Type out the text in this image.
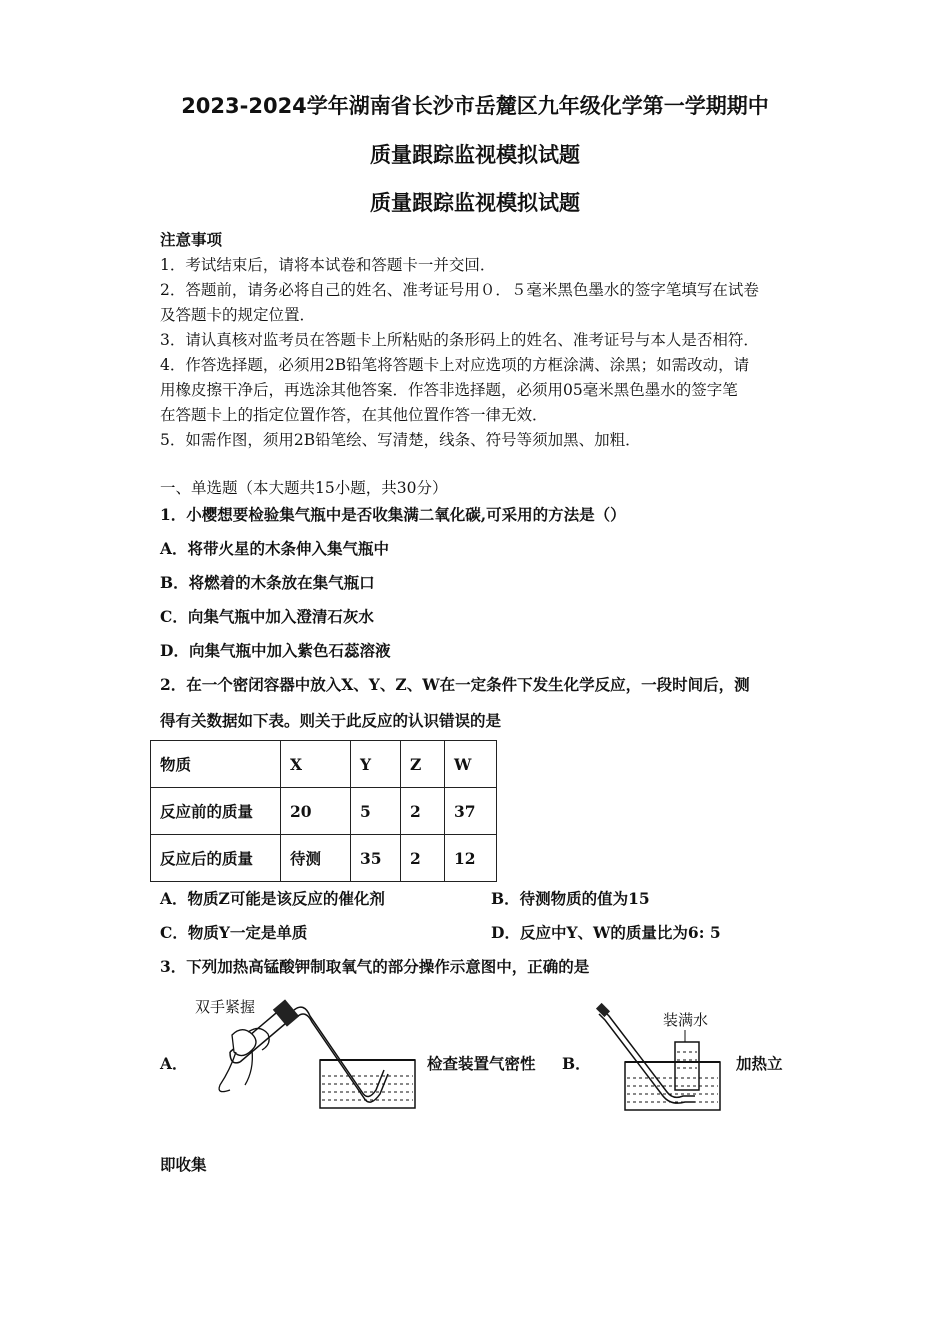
2023-2024学年湖南省长沙市岳麓区九年级化学第一学期期中
质量跟踪监视模拟试题
质量跟踪监视模拟试题
注意事项
1．考试结束后，请将本试卷和答题卡一并交回．
2．答题前，请务必将自己的姓名、准考证号用０．５毫米黑色墨水的签字笔填写在试卷
及答题卡的规定位置．
3．请认真核对监考员在答题卡上所粘贴的条形码上的姓名、准考证号与本人是否相符．
4．作答选择题，必须用2B铅笔将答题卡上对应选项的方框涂满、涂黑；如需改动，请
用橡皮擦干净后，再选涂其他答案．作答非选择题，必须用05毫米黑色墨水的签字笔
在答题卡上的指定位置作答，在其他位置作答一律无效．
5．如需作图，须用2B铅笔绘、写清楚，线条、符号等须加黑、加粗．
一、单选题（本大题共15小题，共30分）
1．小樱想要检验集气瓶中是否收集满二氧化碳,可采用的方法是（）
A．将带火星的木条伸入集气瓶中
B．将燃着的木条放在集气瓶口
C．向集气瓶中加入澄清石灰水
D．向集气瓶中加入紫色石蕊溶液
2．在一个密闭容器中放入X、Y、Z、W在一定条件下发生化学反应，一段时间后，测
得有关数据如下表。则关于此反应的认识错误的是
物质	X	Y	Z	W
反应前的质量	20	5	2	37
反应后的质量	待测	35	2	12
A．物质Z可能是该反应的催化剂	B．待测物质的值为15
C．物质Y一定是单质	D．反应中Y、W的质量比为6: 5
3．下列加热高锰酸钾制取氧气的部分操作示意图中，正确的是
A．
双手紧握
检查装置气密性 B．
装满水
加热立
即收集
